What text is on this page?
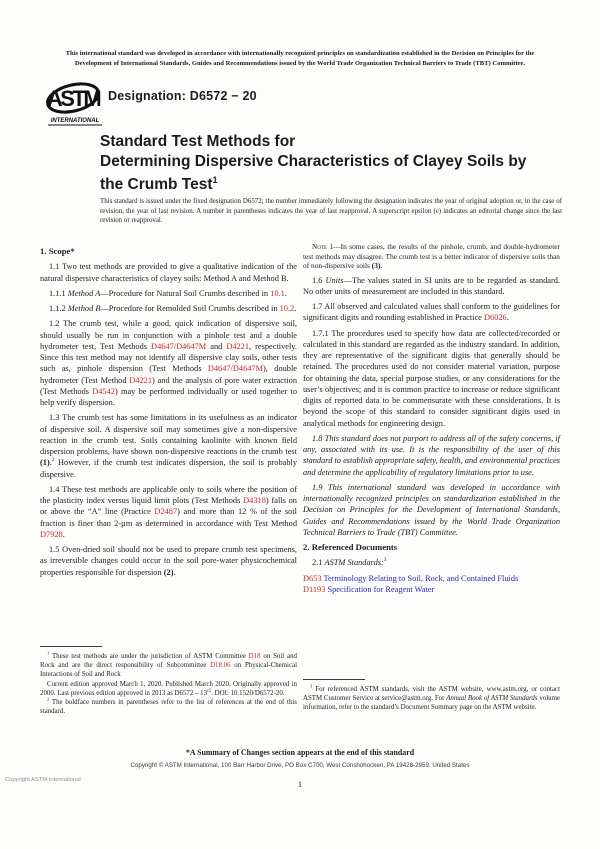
This international standard was developed in accordance with internationally recognized principles on standardization established in the Decision on Principles for the
Development of International Standards, Guides and Recommendations issued by the World Trade Organization Technical Barriers to Trade (TBT) Committee.
ASTM
INTERNATIONAL
Designation: D6572 − 20
Standard Test Methods for
Determining Dispersive Characteristics of Clayey Soils by
the Crumb Test$^1$
This standard is issued under the fixed designation D6572; the number immediately following the designation indicates the year of original adoption or, in the case of revision, the year of last revision. A number in parentheses indicates the year of last reapproval. A superscript epsilon (ε) indicates an editorial change since the last revision or reapproval.

1. Scope*

1.1 Two test methods are provided to give a qualitative indication of the natural dispersive characteristics of clayey soils: Method A and Method B.

1.1.1 Method A—Procedure for Natural Soil Crumbs described in 10.1.

1.1.2 Method B—Procedure for Remolded Soil Crumbs described in 10.2.

1.2 The crumb test, while a good, quick indication of dispersive soil, should usually be run in conjunction with a pinhole test and a double hydrometer test, Test Methods D4647/D4647M and D4221, respectively. Since this test method may not identify all dispersive clay soils, other tests such as, pinhole dispersion (Test Methods D4647/D4647M), double hydrometer (Test Method D4221) and the analysis of pore water extraction (Test Methods D4542) may be performed individually or used together to help verify dispersion.

1.3 The crumb test has some limitations in its usefulness as an indicator of dispersive soil. A dispersive soil may sometimes give a non-dispersive reaction in the crumb test. Soils containing kaolinite with known field dispersion problems, have shown non-dispersive reactions in the crumb test (1).$^2$ However, if the crumb test indicates dispersion, the soil is probably dispersive.

1.4 These test methods are applicable only to soils where the position of the plasticity index versus liquid limit plots (Test Methods D4318) falls on or above the “A” line (Practice D2487) and more than 12 % of the soil fraction is finer than 2-µm as determined in accordance with Test Method D7928.

1.5 Oven-dried soil should not be used to prepare crumb test specimens, as irreversible changes could occur to the soil pore-water physicochemical properties responsible for dispersion (2).

Note 1—In some cases, the results of the pinhole, crumb, and double-hydrometer test methods may disagree. The crumb test is a better indicator of dispersive soils than of non-dispersive soils (3).

1.6 Units—The values stated in SI units are to be regarded as standard. No other units of measurement are included in this standard.

1.7 All observed and calculated values shall conform to the guidelines for significant digits and rounding established in Practice D6026.

1.7.1 The procedures used to specify how data are collected/recorded or calculated in this standard are regarded as the industry standard. In addition, they are representative of the significant digits that generally should be retained. The procedures used do not consider material variation, purpose for obtaining the data, special purpose studies, or any considerations for the user’s objectives; and it is common practice to increase or reduce significant digits of reported data to be commensurate with these considerations. It is beyond the scope of this standard to consider significant digits used in analytical methods for engineering design.

1.8 This standard does not purport to address all of the safety concerns, if any, associated with its use. It is the responsibility of the user of this standard to establish appropriate safety, health, and environmental practices and determine the applicability of regulatory limitations prior to use.

1.9 This international standard was developed in accordance with internationally recognized principles on standardization established in the Decision on Principles for the Development of International Standards, Guides and Recommendations issued by the World Trade Organization Technical Barriers to Trade (TBT) Committee.

2. Referenced Documents

2.1 ASTM Standards:$^3$

D653 Terminology Relating to Soil, Rock, and Contained Fluids

D1193 Specification for Reagent Water

$^1$ These test methods are under the jurisdiction of ASTM Committee D18 on Soil and Rock and are the direct responsibility of Subcommittee D18.06 on Physical-Chemical Interactions of Soil and Rock

Current edition approved March 1, 2020. Published March 2020. Originally approved in 2000. Last previous edition approved in 2013 as $D6572 - 13^{\varepsilon 2}$. DOI: 10.1520/D6572-20.

$^2$ The boldface numbers in parentheses refer to the list of references at the end of this standard.

$^3$ For referenced ASTM standards, visit the ASTM website, www.astm.org, or contact ASTM Customer Service at service@astm.org. For Annual Book of ASTM Standards volume information, refer to the standard’s Document Summary page on the ASTM website.

*A Summary of Changes section appears at the end of this standard
Copyright © ASTM International, 100 Barr Harbor Drive, PO Box C700, West Conshohocken, PA 19428-2959. United States
Copyright ASTM International	1
